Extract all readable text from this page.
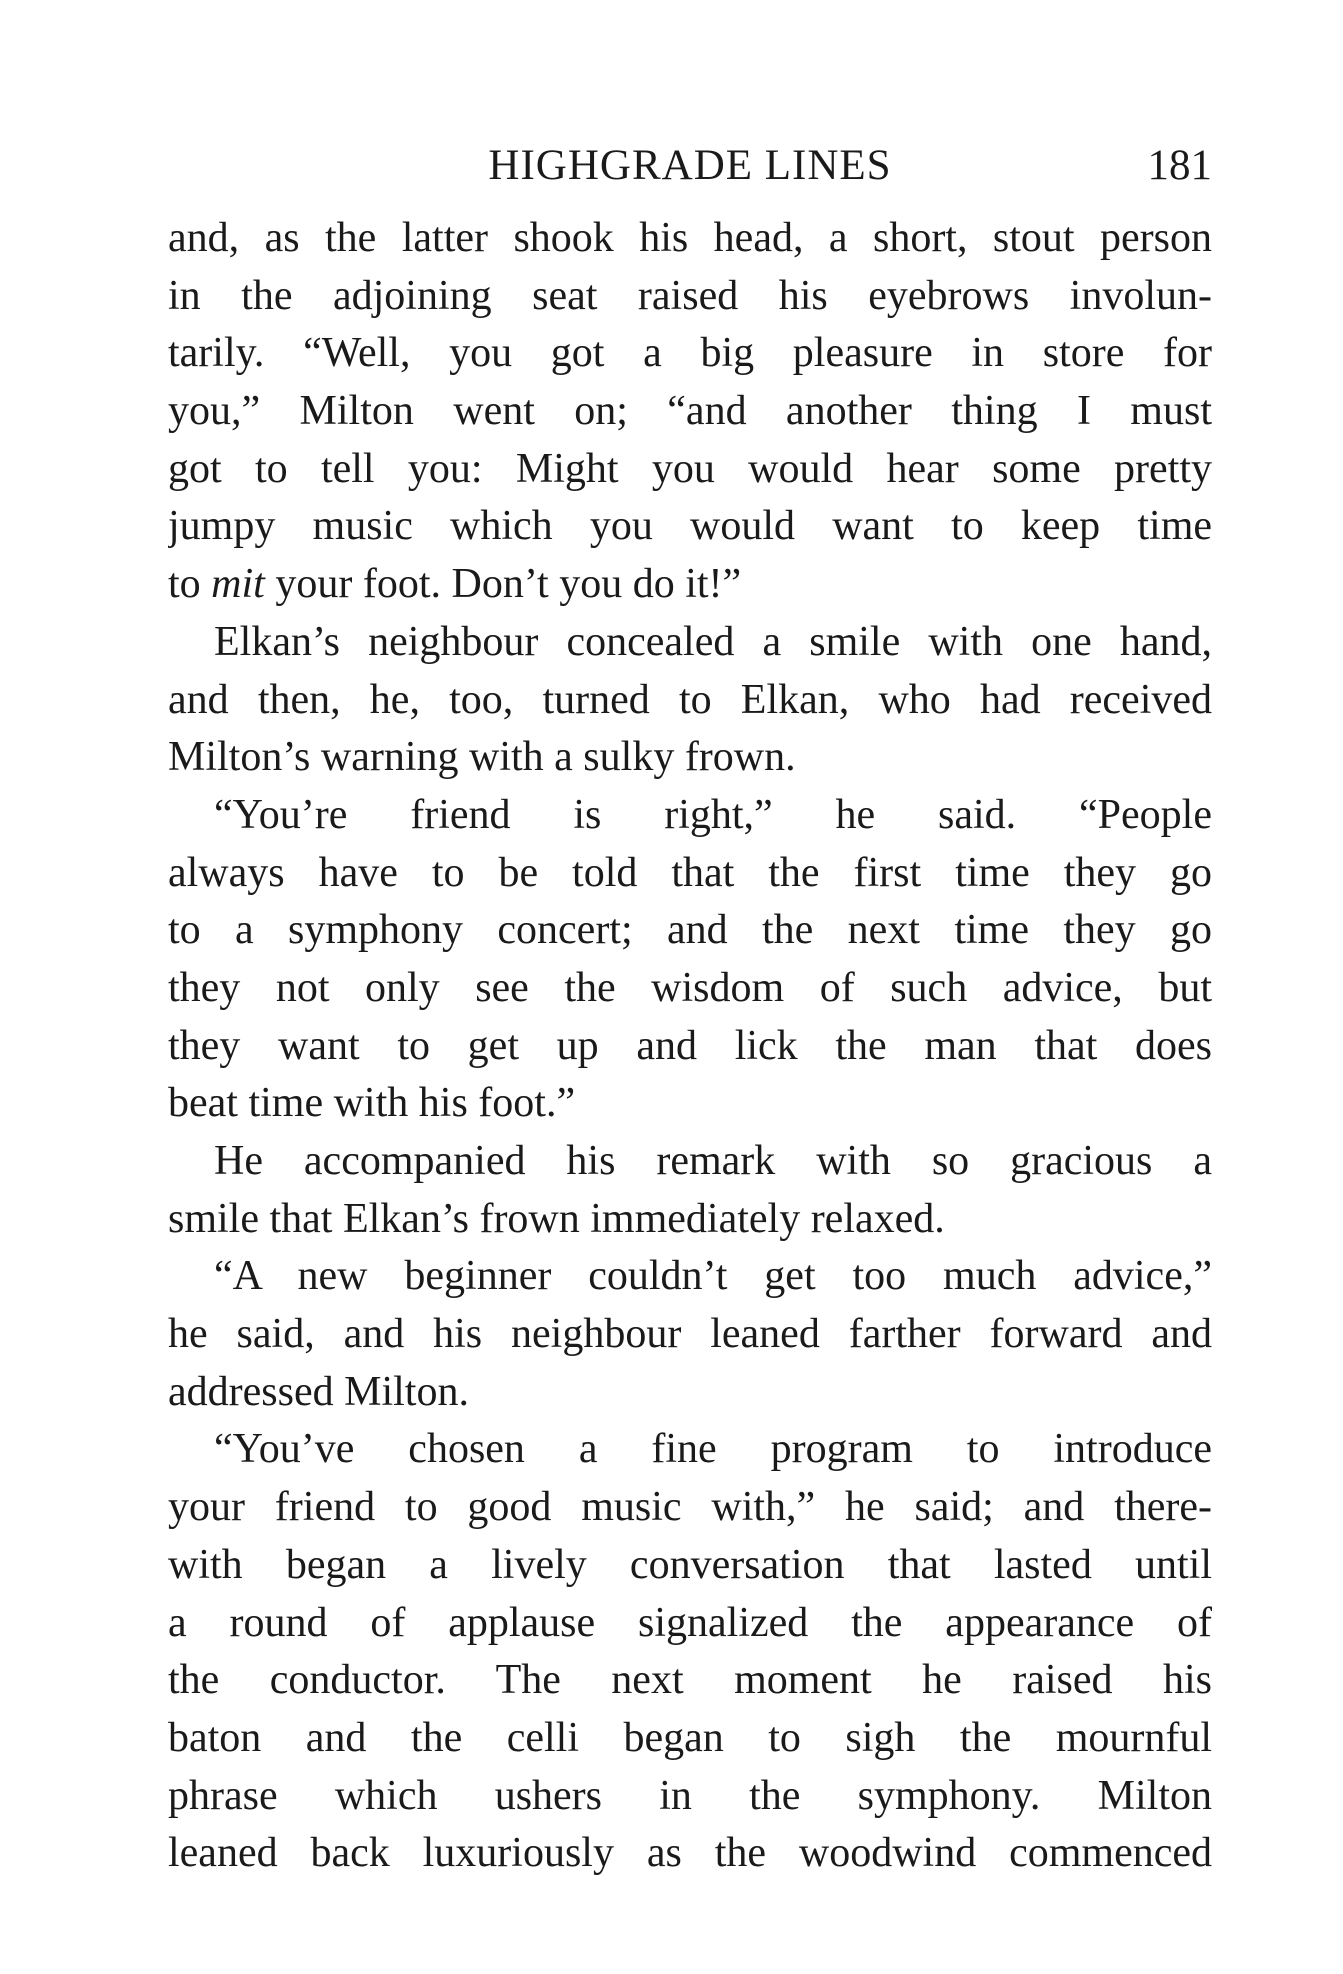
HIGHGRADE LINES	181
and, as the latter shook his head, a short, stout person
in the adjoining seat raised his eyebrows involun-
tarily. “Well, you got a big pleasure in store for
you,” Milton went on; “and another thing I must
got to tell you: Might you would hear some pretty
jumpy music which you would want to keep time
to mit your foot. Don’t you do it!”
Elkan’s neighbour concealed a smile with one hand,
and then, he, too, turned to Elkan, who had received
Milton’s warning with a sulky frown.
“You’re friend is right,” he said. “People
always have to be told that the first time they go
to a symphony concert; and the next time they go
they not only see the wisdom of such advice, but
they want to get up and lick the man that does
beat time with his foot.”
He accompanied his remark with so gracious a
smile that Elkan’s frown immediately relaxed.
“A new beginner couldn’t get too much advice,”
he said, and his neighbour leaned farther forward and
addressed Milton.
“You’ve chosen a fine program to introduce
your friend to good music with,” he said; and there-
with began a lively conversation that lasted until
a round of applause signalized the appearance of
the conductor. The next moment he raised his
baton and the celli began to sigh the mournful
phrase which ushers in the symphony. Milton
leaned back luxuriously as the woodwind commenced
